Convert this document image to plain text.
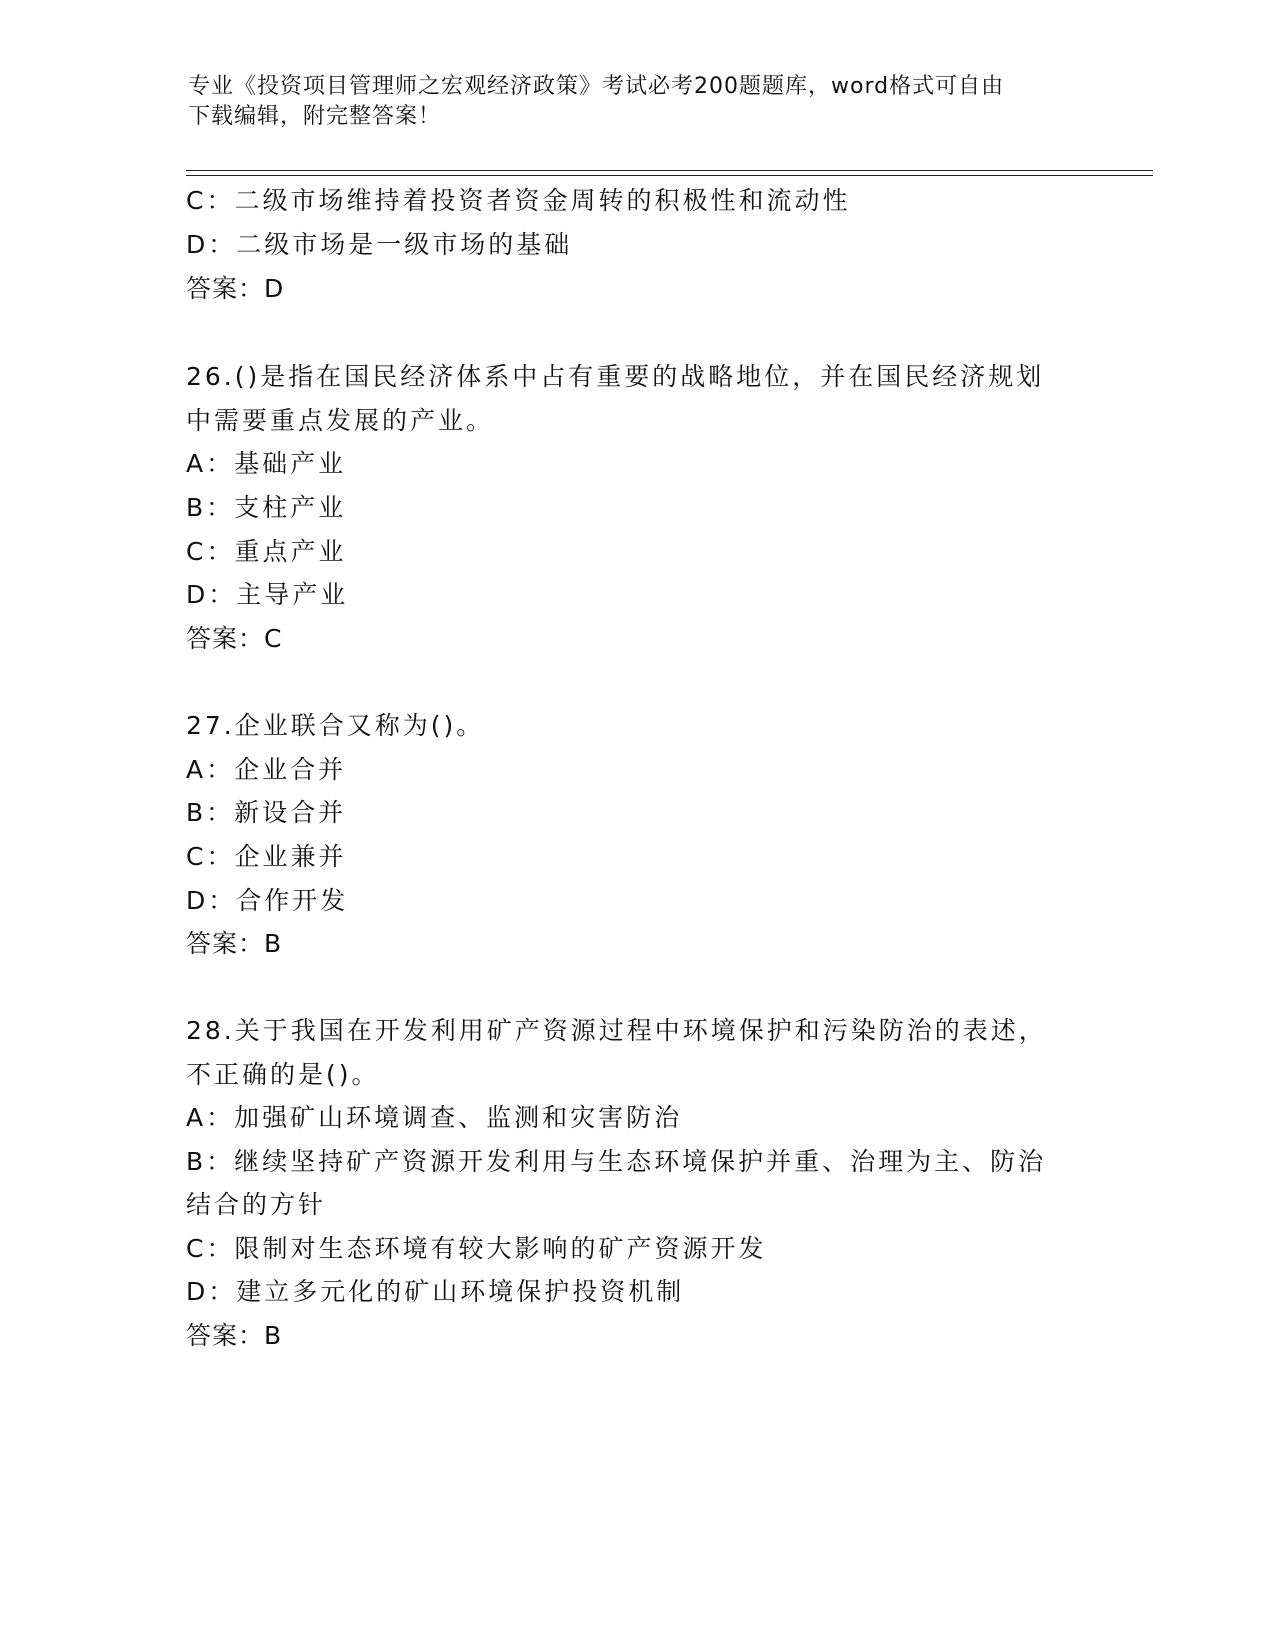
专业《投资项目管理师之宏观经济政策》考试必考200题题库，word格式可自由
下载编辑，附完整答案！
C：二级市场维持着投资者资金周转的积极性和流动性
D：二级市场是一级市场的基础
答案：D
26.()是指在国民经济体系中占有重要的战略地位，并在国民经济规划
中需要重点发展的产业。
A：基础产业
B：支柱产业
C：重点产业
D：主导产业
答案：C
27.企业联合又称为()。
A：企业合并
B：新设合并
C：企业兼并
D：合作开发
答案：B
28.关于我国在开发利用矿产资源过程中环境保护和污染防治的表述，
不正确的是()。
A：加强矿山环境调查、监测和灾害防治
B：继续坚持矿产资源开发利用与生态环境保护并重、治理为主、防治
结合的方针
C：限制对生态环境有较大影响的矿产资源开发
D：建立多元化的矿山环境保护投资机制
答案：B
